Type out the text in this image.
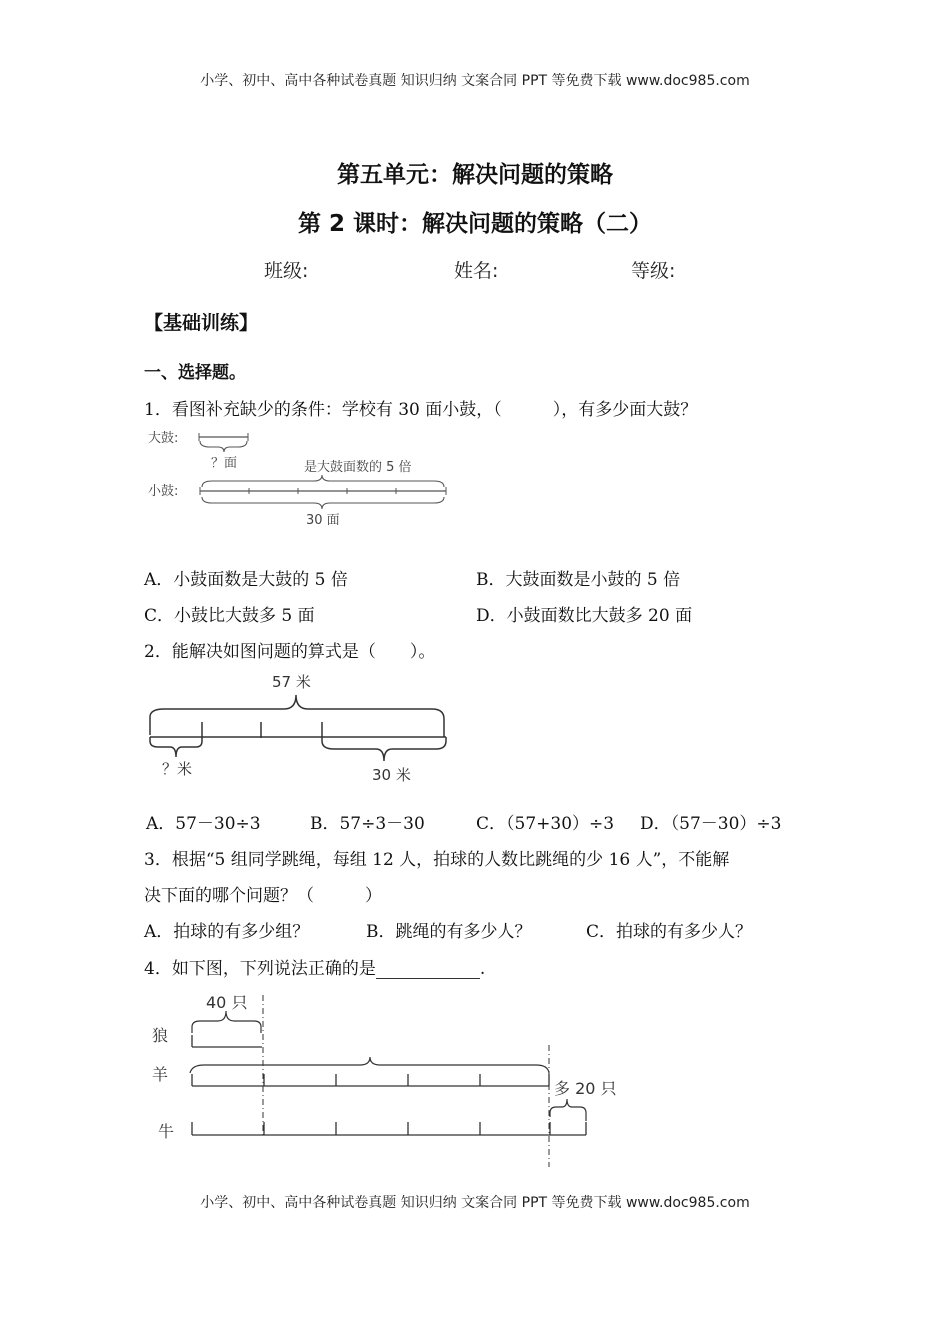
小学、初中、高中各种试卷真题 知识归纳 文案合同 PPT 等免费下载 www.doc985.com
第五单元：解决问题的策略
第 2 课时：解决问题的策略（二）
班级:	姓名:	等级:
【基础训练】
一、选择题。
1．看图补充缺少的条件：学校有 30 面小鼓，（　　　），有多少面大鼓？
大鼓:
？面	是大鼓面数的 5 倍
小鼓:
30 面
A．小鼓面数是大鼓的 5 倍	B．大鼓面数是小鼓的 5 倍
C．小鼓比大鼓多 5 面	D．小鼓面数比大鼓多 20 面
2．能解决如图问题的算式是（　　）。
57 米
？米	30 米
A．57－30÷3	B．57÷3－30	C．（57+30）÷3 D．（57－30）÷3
3．根据“5 组同学跳绳，每组 12 人，拍球的人数比跳绳的少 16 人”，不能解
决下面的哪个问题？（　　　）
A．拍球的有多少组？	B．跳绳的有多少人？	C．拍球的有多少人？
4．如下图，下列说法正确的是	.
40 只
狼
羊
多 20 只
牛
小学、初中、高中各种试卷真题 知识归纳 文案合同 PPT 等免费下载 www.doc985.com
